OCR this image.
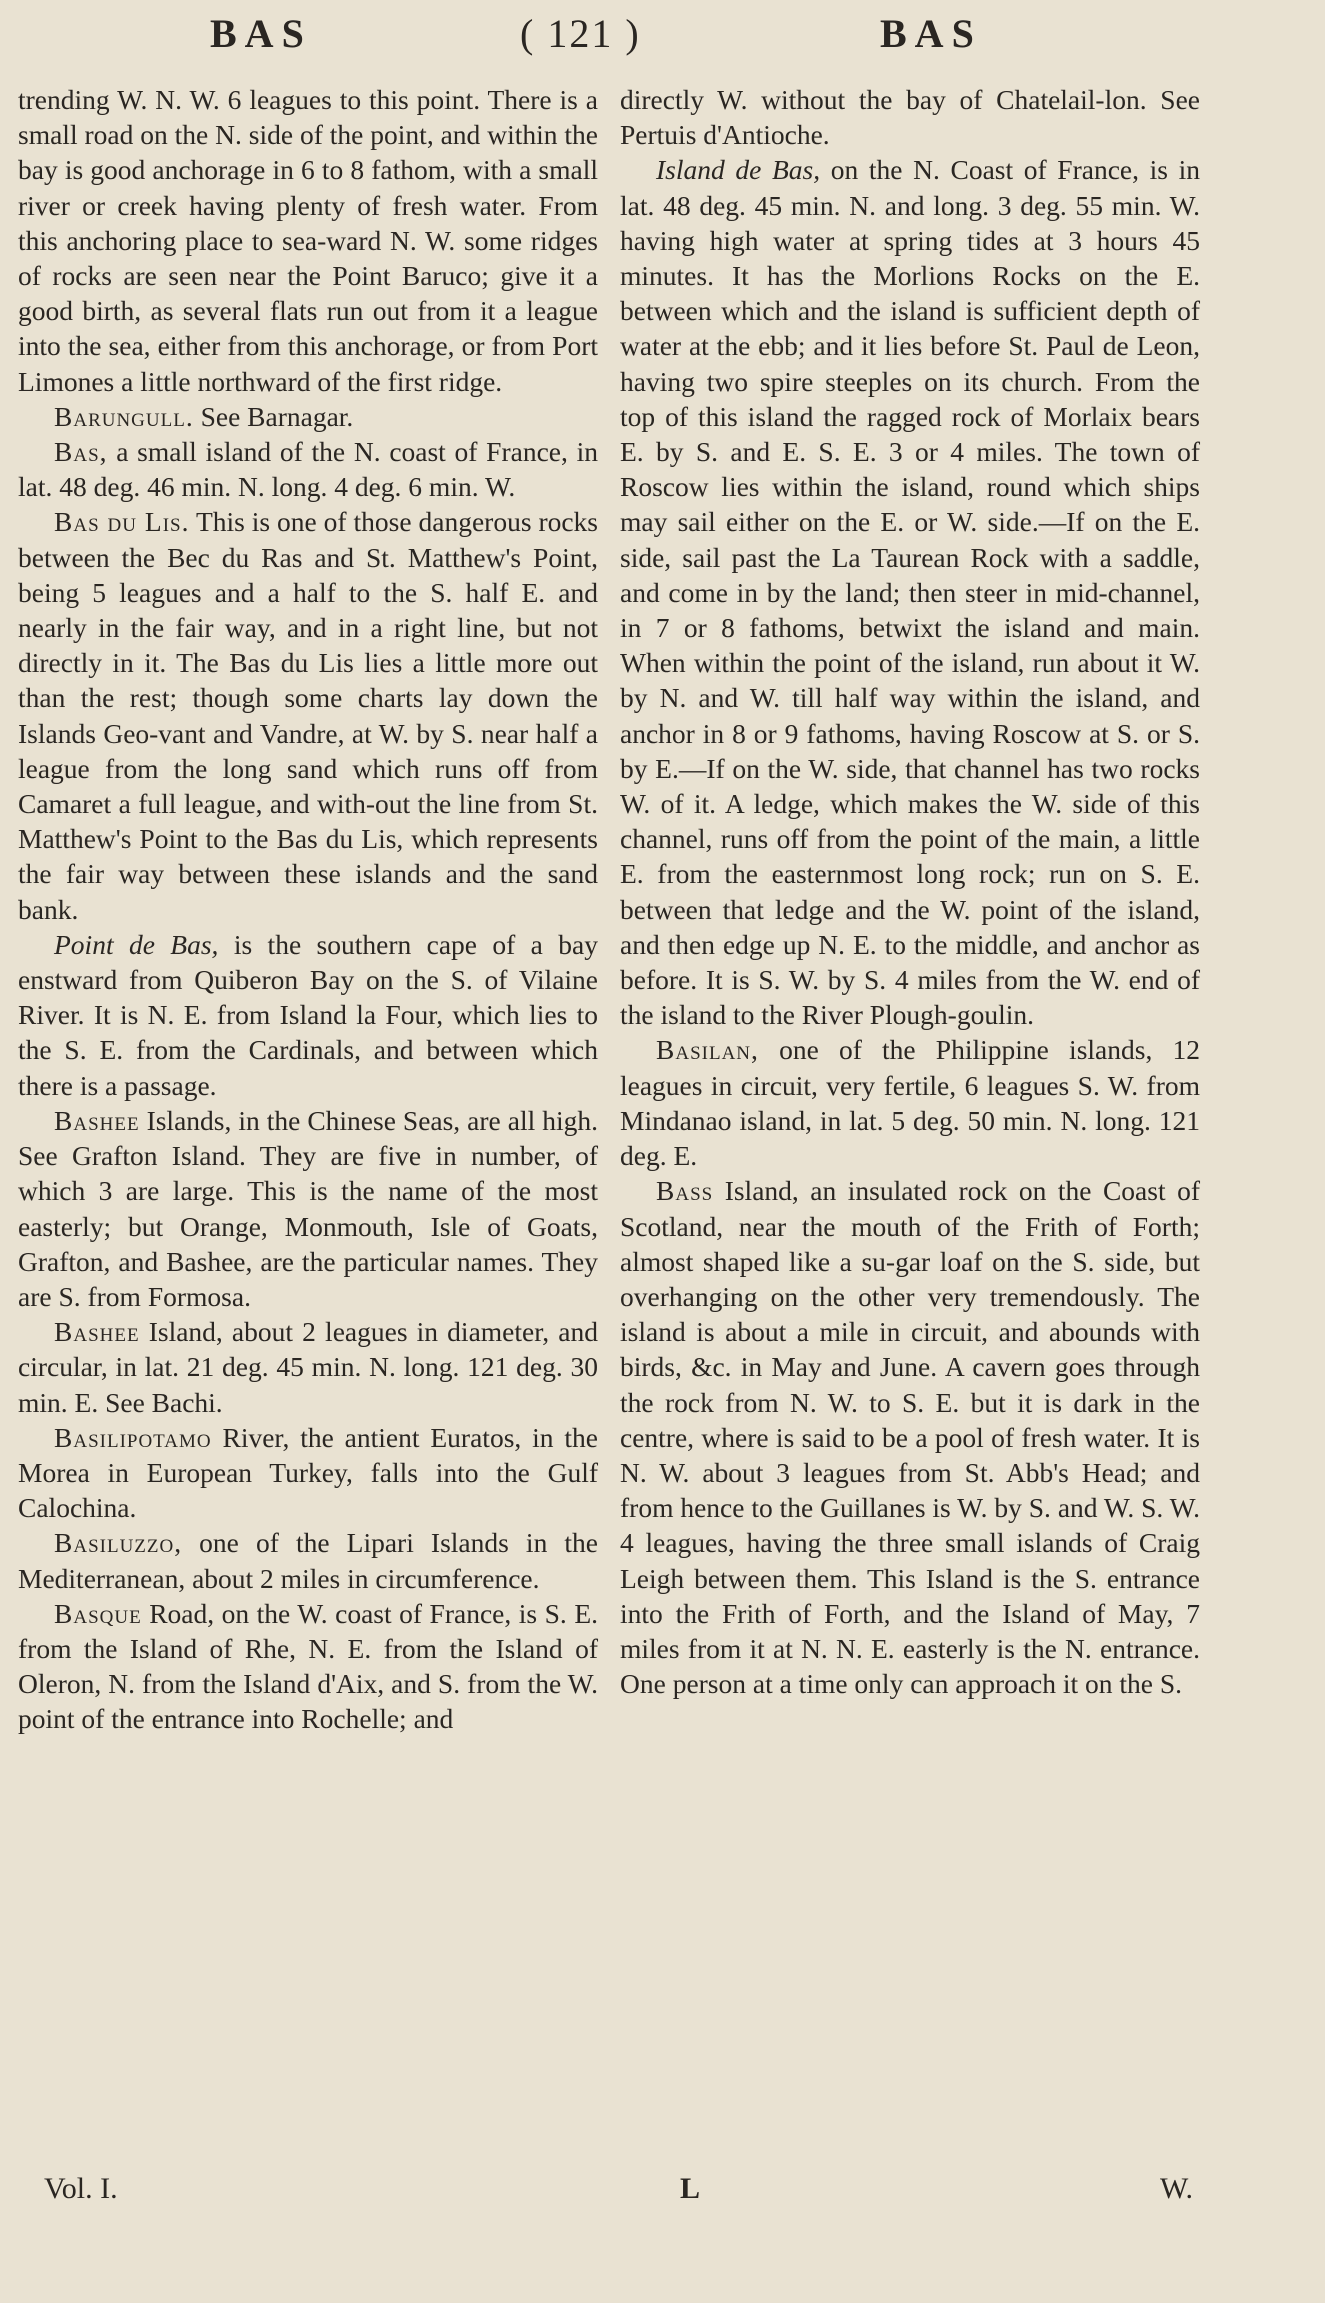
BAS	( 121 )	BAS

trending W. N. W. 6 leagues to this point. There is a small road on the N. side of the point, and within the bay is good anchorage in 6 to 8 fathom, with a small river or creek having plenty of fresh water. From this anchoring place to sea-ward N. W. some ridges of rocks are seen near the Point Baruco; give it a good birth, as several flats run out from it a league into the sea, either from this anchorage, or from Port Limones a little northward of the first ridge.

Barungull. See Barnagar.

Bas, a small island of the N. coast of France, in lat. 48 deg. 46 min. N. long. 4 deg. 6 min. W.

Bas du Lis. This is one of those dangerous rocks between the Bec du Ras and St. Matthew's Point, being 5 leagues and a half to the S. half E. and nearly in the fair way, and in a right line, but not directly in it. The Bas du Lis lies a little more out than the rest; though some charts lay down the Islands Geo-vant and Vandre, at W. by S. near half a league from the long sand which runs off from Camaret a full league, and with-out the line from St. Matthew's Point to the Bas du Lis, which represents the fair way between these islands and the sand bank.

Point de Bas, is the southern cape of a bay enstward from Quiberon Bay on the S. of Vilaine River. It is N. E. from Island la Four, which lies to the S. E. from the Cardinals, and between which there is a passage.

Bashee Islands, in the Chinese Seas, are all high. See Grafton Island. They are five in number, of which 3 are large. This is the name of the most easterly; but Orange, Monmouth, Isle of Goats, Grafton, and Bashee, are the particular names. They are S. from Formosa.

Bashee Island, about 2 leagues in diameter, and circular, in lat. 21 deg. 45 min. N. long. 121 deg. 30 min. E. See Bachi.

Basilipotamo River, the antient Euratos, in the Morea in European Turkey, falls into the Gulf Calochina.

Basiluzzo, one of the Lipari Islands in the Mediterranean, about 2 miles in circumference.

Basque Road, on the W. coast of France, is S. E. from the Island of Rhe, N. E. from the Island of Oleron, N. from the Island d'Aix, and S. from the W. point of the entrance into Rochelle; and

directly W. without the bay of Chatelail-lon. See Pertuis d'Antioche.

Island de Bas, on the N. Coast of France, is in lat. 48 deg. 45 min. N. and long. 3 deg. 55 min. W. having high water at spring tides at 3 hours 45 minutes. It has the Morlions Rocks on the E. between which and the island is sufficient depth of water at the ebb; and it lies before St. Paul de Leon, having two spire steeples on its church. From the top of this island the ragged rock of Morlaix bears E. by S. and E. S. E. 3 or 4 miles. The town of Roscow lies within the island, round which ships may sail either on the E. or W. side.—If on the E. side, sail past the La Taurean Rock with a saddle, and come in by the land; then steer in mid-channel, in 7 or 8 fathoms, betwixt the island and main. When within the point of the island, run about it W. by N. and W. till half way within the island, and anchor in 8 or 9 fathoms, having Roscow at S. or S. by E.—If on the W. side, that channel has two rocks W. of it. A ledge, which makes the W. side of this channel, runs off from the point of the main, a little E. from the easternmost long rock; run on S. E. between that ledge and the W. point of the island, and then edge up N. E. to the middle, and anchor as before. It is S. W. by S. 4 miles from the W. end of the island to the River Plough-goulin.

Basilan, one of the Philippine islands, 12 leagues in circuit, very fertile, 6 leagues S. W. from Mindanao island, in lat. 5 deg. 50 min. N. long. 121 deg. E.

Bass Island, an insulated rock on the Coast of Scotland, near the mouth of the Frith of Forth; almost shaped like a su-gar loaf on the S. side, but overhanging on the other very tremendously. The island is about a mile in circuit, and abounds with birds, &c. in May and June. A cavern goes through the rock from N. W. to S. E. but it is dark in the centre, where is said to be a pool of fresh water. It is N. W. about 3 leagues from St. Abb's Head; and from hence to the Guillanes is W. by S. and W. S. W. 4 leagues, having the three small islands of Craig Leigh between them. This Island is the S. entrance into the Frith of Forth, and the Island of May, 7 miles from it at N. N. E. easterly is the N. entrance. One person at a time only can approach it on the S.

Vol. I.	L	W.
